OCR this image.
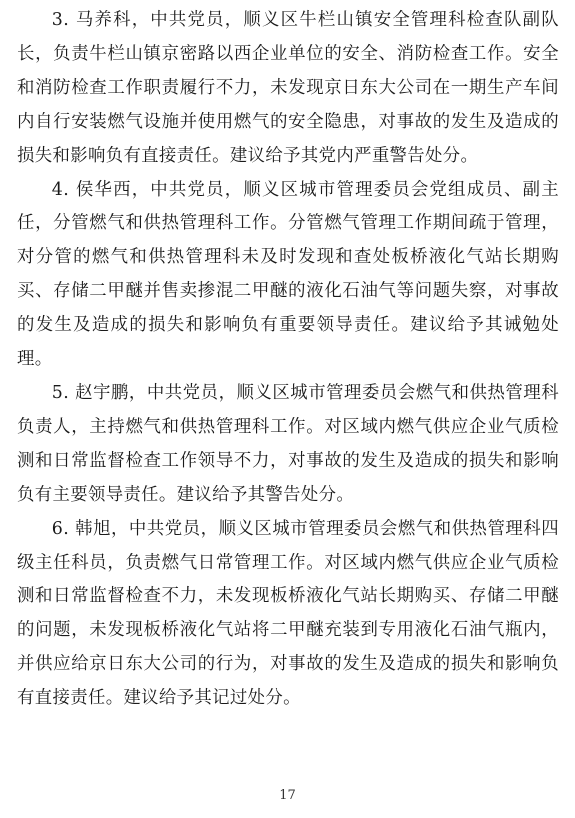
3. 马养科，中共党员，顺义区牛栏山镇安全管理科检查队副队长，负责牛栏山镇京密路以西企业单位的安全、消防检查工作。安全和消防检查工作职责履行不力，未发现京日东大公司在一期生产车间内自行安装燃气设施并使用燃气的安全隐患，对事故的发生及造成的损失和影响负有直接责任。建议给予其党内严重警告处分。

4. 侯华西，中共党员，顺义区城市管理委员会党组成员、副主任，分管燃气和供热管理科工作。分管燃气管理工作期间疏于管理，对分管的燃气和供热管理科未及时发现和查处板桥液化气站长期购买、存储二甲醚并售卖掺混二甲醚的液化石油气等问题失察，对事故的发生及造成的损失和影响负有重要领导责任。建议给予其诫勉处理。

5. 赵宇鹏，中共党员，顺义区城市管理委员会燃气和供热管理科负责人，主持燃气和供热管理科工作。对区域内燃气供应企业气质检测和日常监督检查工作领导不力，对事故的发生及造成的损失和影响负有主要领导责任。建议给予其警告处分。

6. 韩旭，中共党员，顺义区城市管理委员会燃气和供热管理科四级主任科员，负责燃气日常管理工作。对区域内燃气供应企业气质检测和日常监督检查不力，未发现板桥液化气站长期购买、存储二甲醚的问题，未发现板桥液化气站将二甲醚充装到专用液化石油气瓶内，并供应给京日东大公司的行为，对事故的发生及造成的损失和影响负有直接责任。建议给予其记过处分。

17
